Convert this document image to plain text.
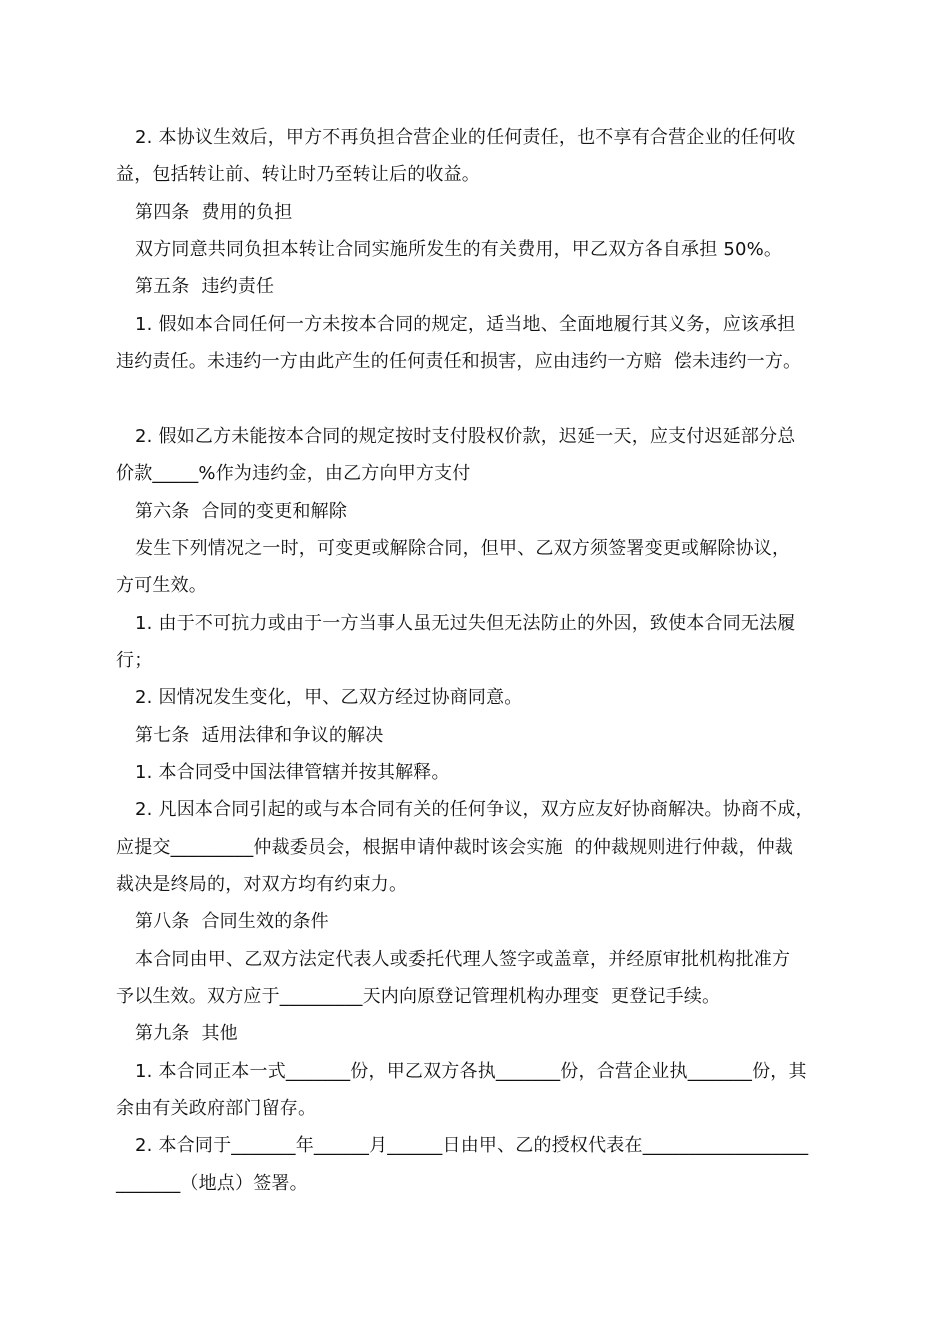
2. 本协议生效后，甲方不再负担合营企业的任何责任，也不享有合营企业的任何收
益，包括转让前、转让时乃至转让后的收益。
第四条  费用的负担
双方同意共同负担本转让合同实施所发生的有关费用，甲乙双方各自承担 50%。
第五条  违约责任
1. 假如本合同任何一方未按本合同的规定，适当地、全面地履行其义务，应该承担
违约责任。未违约一方由此产生的任何责任和损害，应由违约一方赔  偿未违约一方。
2. 假如乙方未能按本合同的规定按时支付股权价款，迟延一天，应支付迟延部分总
价款_____%作为违约金，由乙方向甲方支付
第六条  合同的变更和解除
发生下列情况之一时，可变更或解除合同，但甲、乙双方须签署变更或解除协议，
方可生效。
1. 由于不可抗力或由于一方当事人虽无过失但无法防止的外因，致使本合同无法履
行；
2. 因情况发生变化，甲、乙双方经过协商同意。
第七条  适用法律和争议的解决
1. 本合同受中国法律管辖并按其解释。
2. 凡因本合同引起的或与本合同有关的任何争议，双方应友好协商解决。协商不成，
应提交_________仲裁委员会，根据申请仲裁时该会实施  的仲裁规则进行仲裁，仲裁
裁决是终局的，对双方均有约束力。
第八条  合同生效的条件
本合同由甲、乙双方法定代表人或委托代理人签字或盖章，并经原审批机构批准方
予以生效。双方应于_________天内向原登记管理机构办理变  更登记手续。
第九条  其他
1. 本合同正本一式_______份，甲乙双方各执_______份，合营企业执_______份，其
余由有关政府部门留存。
2. 本合同于_______年______月______日由甲、乙的授权代表在__________________
_______（地点）签署。
